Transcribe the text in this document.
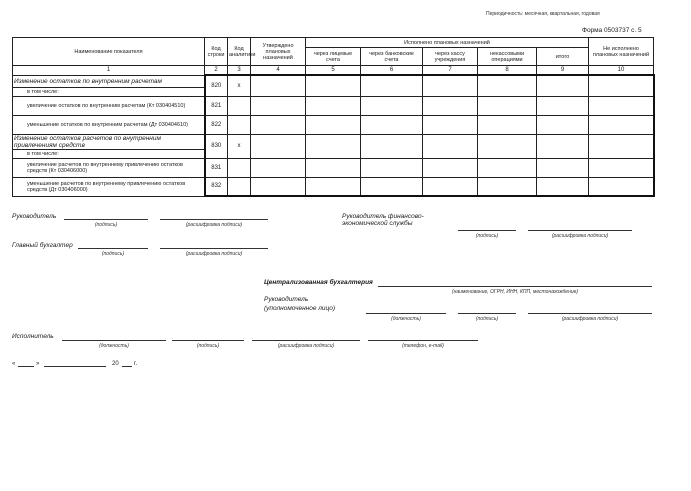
Периодичность: месячная, квартальная, годовая
Форма 0503737 с. 5
Наименование показателя	Код строки	Код аналитики	Утверждено плановых назначений	Исполнено плановых назначений					Не исполнено плановых назначений
				через лицевые счета	через банковские счета	через кассу учреждения	некассовыми операциями	итого	
1	2	3	4	5	6	7	8	9	10
Изменение остатков по внутренним расчетам	820	x							
в том числе:									
увеличение остатков по внутренним расчетам (Кт 030404510)	821								
уменьшение остатков по внутренним расчетам (Дт 030404610)	822								
Изменение остатков расчетов по внутренним привлечениям средств	830	x							
в том числе:									
увеличение расчетов по внутреннему привлечению остатков средств (Кт 030406000)	831								
уменьшение расчетов по внутреннему привлечению остатков средств (Дт 030406000)	832								
Руководитель
(подпись)	(расшифровка подписи)
Главный бухгалтер
(подпись)	(расшифровка подписи)
Руководитель финансово-экономической службы
(подпись)	(расшифровка подписи)
Централизованная бухгалтерия
(наименование, ОГРН, ИНН, КПП, местонахождение)
Руководитель
(уполномоченное лицо)
(должность)	(подпись)	(расшифровка подписи)
Исполнитель
(должность)	(подпись)	(расшифровка подписи)	(телефон, e-mail)
«	»	20	г.
